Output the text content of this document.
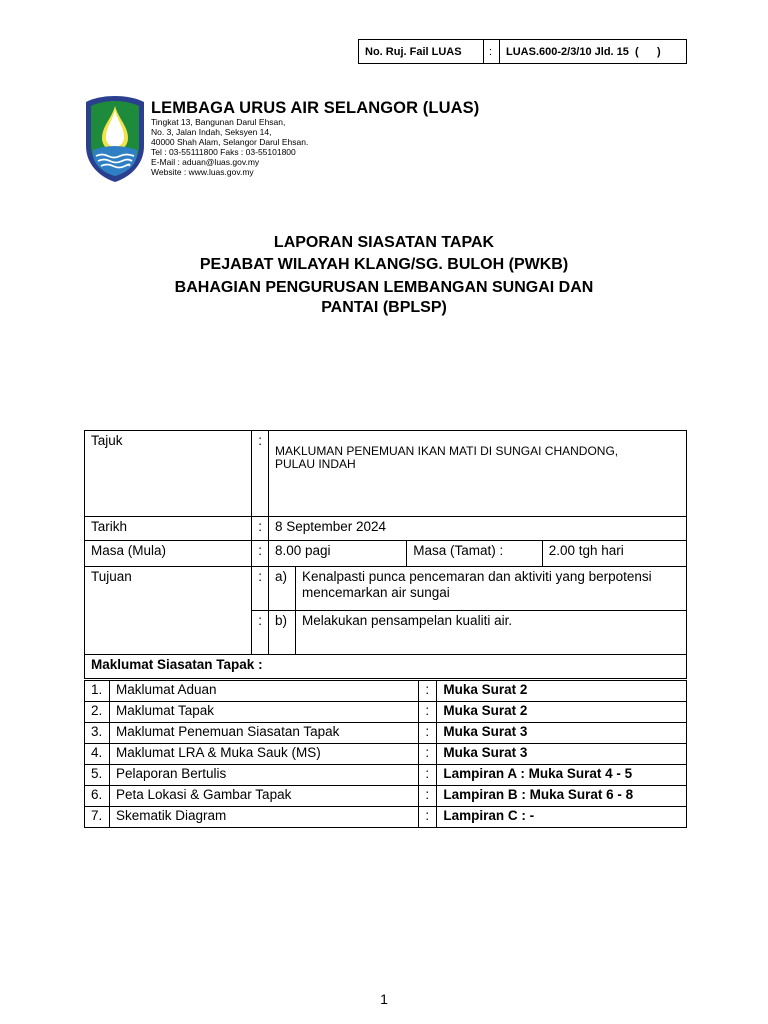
No. Ruj. Fail LUAS	:	LUAS.600-2/3/10 Jld. 15  (      )
LEMBAGA URUS AIR SELANGOR (LUAS)
Tingkat 13, Bangunan Darul Ehsan,
No. 3, Jalan Indah, Seksyen 14,
40000 Shah Alam, Selangor Darul Ehsan.
Tel : 03-55111800 Faks : 03-55101800
E-Mail : aduan@luas.gov.my
Website : www.luas.gov.my
LAPORAN SIASATAN TAPAK
PEJABAT WILAYAH KLANG/SG. BULOH (PWKB)
BAHAGIAN PENGURUSAN LEMBANGAN SUNGAI DAN
PANTAI (BPLSP)
Tajuk	:	MAKLUMAN PENEMUAN IKAN MATI DI SUNGAI CHANDONG,
PULAU INDAH			

Tarikh	:	8 September 2024			
Masa (Mula)	:	8.00 pagi		Masa (Tamat) :	2.00 tgh hari
Tujuan	:	a)	Kenalpasti punca pencemaran dan aktiviti yang berpotensi mencemarkan air sungai		
	:	b)	Melakukan pensampelan kualiti air.		
Maklumat Siasatan Tapak :					
1.	Maklumat Aduan	:	Muka Surat 2
2.	Maklumat Tapak	:	Muka Surat 2
3.	Maklumat Penemuan Siasatan Tapak	:	Muka Surat 3
4.	Maklumat LRA & Muka Sauk (MS)	:	Muka Surat 3
5.	Pelaporan Bertulis	:	Lampiran A : Muka Surat 4 - 5
6.	Peta Lokasi & Gambar Tapak	:	Lampiran B : Muka Surat 6 - 8
7.	Skematik Diagram	:	Lampiran C : -
1
